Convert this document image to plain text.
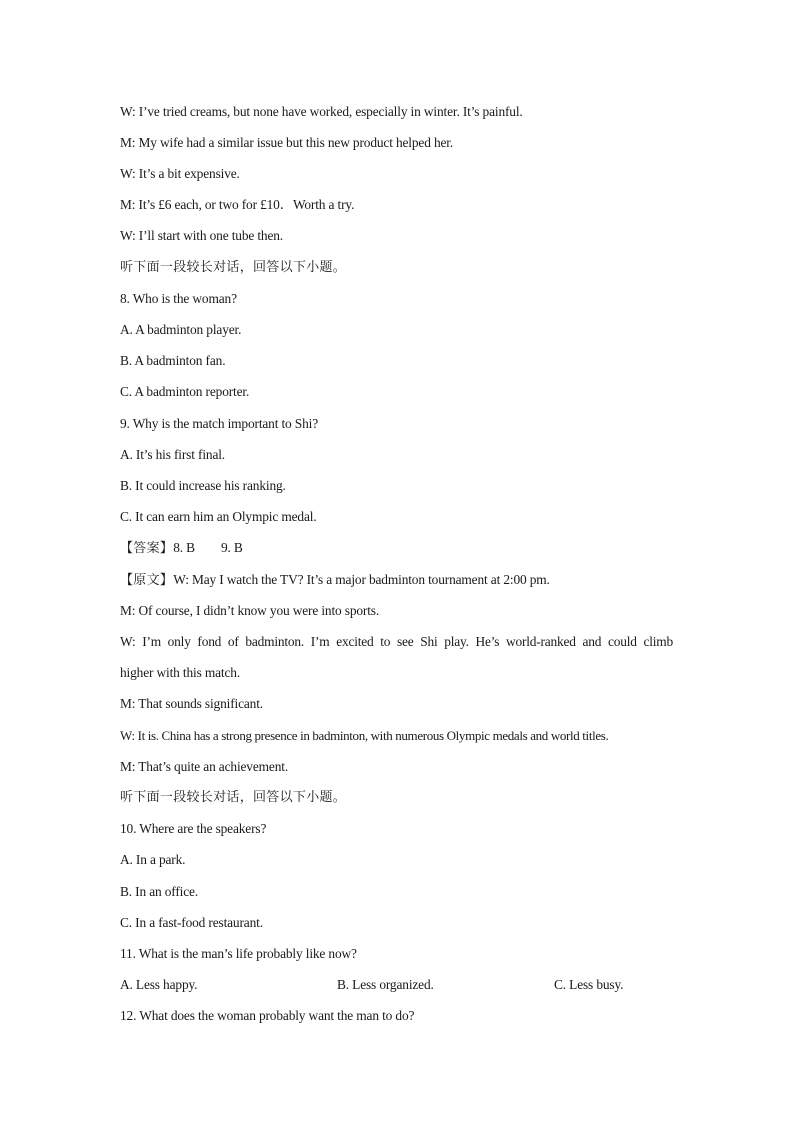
W: I’ve tried creams, but none have worked, especially in winter. It’s painful.
M: My wife had a similar issue but this new product helped her.
W: It’s a bit expensive.
M: It’s £6 each, or two for £10．Worth a try.
W: I’ll start with one tube then.
听下面一段较长对话，回答以下小题。
8. Who is the woman?
A. A badminton player.
B. A badminton fan.
C. A badminton reporter.
9. Why is the match important to Shi?
A. It’s his first final.
B. It could increase his ranking.
C. It can earn him an Olympic medal.
【答案】8. B 9. B
【原文】W: May I watch the TV? It’s a major badminton tournament at 2:00 pm.
M: Of course, I didn’t know you were into sports.
W: I’m only fond of badminton. I’m excited to see Shi play. He’s world-ranked and could climb
higher with this match.
M: That sounds significant.
W: It is. China has a strong presence in badminton, with numerous Olympic medals and world titles.
M: That’s quite an achievement.
听下面一段较长对话，回答以下小题。
10. Where are the speakers?
A. In a park.
B. In an office.
C. In a fast-food restaurant.
11. What is the man’s life probably like now?
A. Less happy.	B. Less organized.	C. Less busy.
12. What does the woman probably want the man to do?
